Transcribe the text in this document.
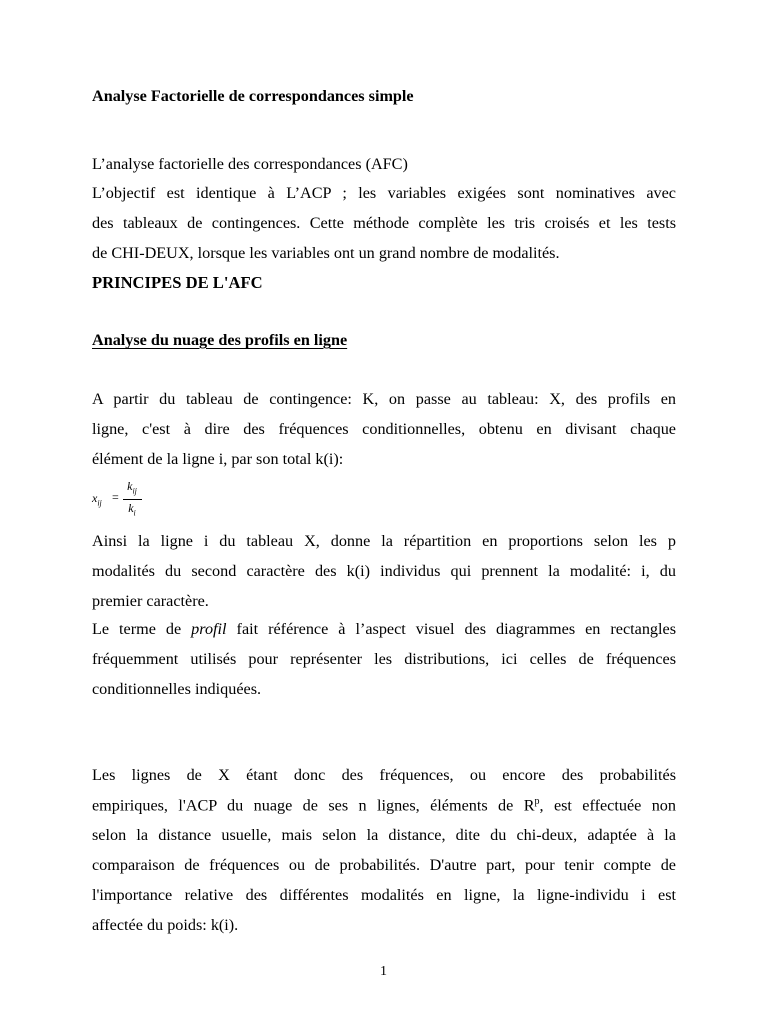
Analyse Factorielle de correspondances simple
L’analyse factorielle des correspondances (AFC)
L’objectif est identique à L’ACP ; les variables exigées sont nominatives avec
des tableaux de contingences. Cette méthode complète les tris croisés et les tests
de CHI-DEUX, lorsque les variables ont un grand nombre de modalités.
PRINCIPES DE L'AFC
Analyse du nuage des profils en ligne
A partir du tableau de contingence: K, on passe au tableau: X, des profils en
ligne, c'est à dire des fréquences conditionnelles, obtenu en divisant chaque
élément de la ligne i, par son total k(i):
$x_{ij}$ =
$k_{ij}$
$k_i$
Ainsi la ligne i du tableau X, donne la répartition en proportions selon les p
modalités du second caractère des k(i) individus qui prennent la modalité: i, du
premier caractère.
Le terme de profil fait référence à l’aspect visuel des diagrammes en rectangles
fréquemment utilisés pour représenter les distributions, ici celles de fréquences
conditionnelles indiquées.
Les lignes de X étant donc des fréquences, ou encore des probabilités
empiriques, l'ACP du nuage de ses n lignes, éléments de $R^p$, est effectuée non
selon la distance usuelle, mais selon la distance, dite du chi-deux, adaptée à la
comparaison de fréquences ou de probabilités. D'autre part, pour tenir compte de
l'importance relative des différentes modalités en ligne, la ligne-individu i est
affectée du poids: k(i).
1
